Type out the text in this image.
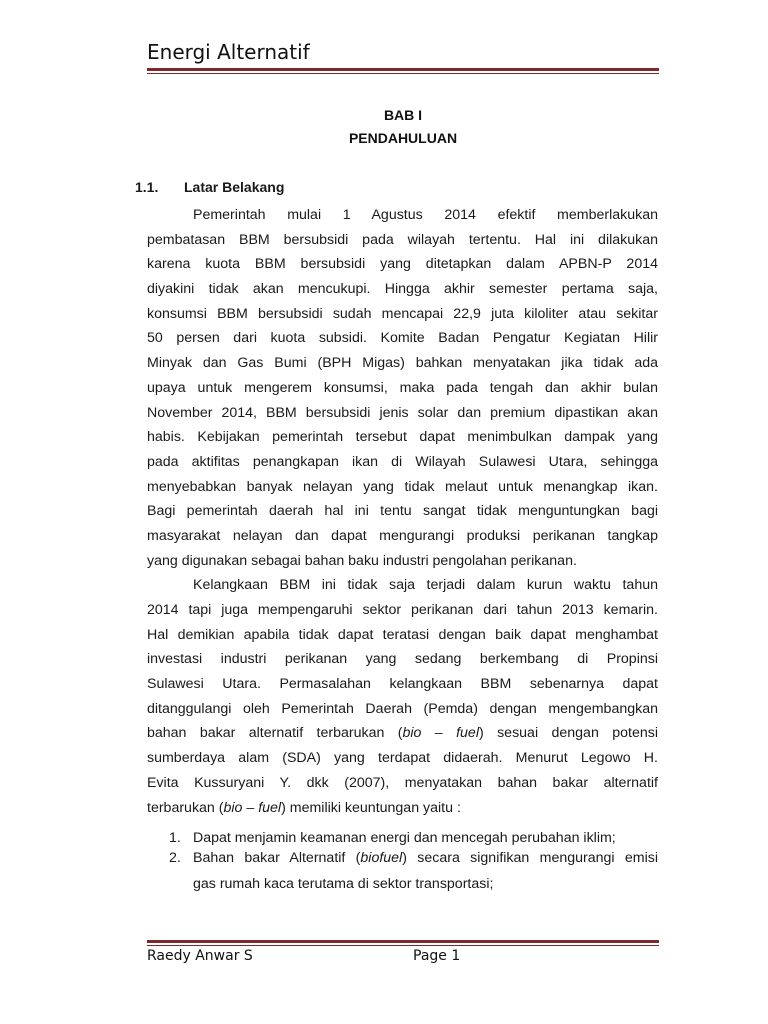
Energi Alternatif
BAB I
PENDAHULUAN
1.1. Latar Belakang
Pemerintah mulai 1 Agustus 2014 efektif memberlakukan
pembatasan BBM bersubsidi pada wilayah tertentu. Hal ini dilakukan
karena kuota BBM bersubsidi yang ditetapkan dalam APBN-P 2014
diyakini tidak akan mencukupi. Hingga akhir semester pertama saja,
konsumsi BBM bersubsidi sudah mencapai 22,9 juta kiloliter atau sekitar
50 persen dari kuota subsidi. Komite Badan Pengatur Kegiatan Hilir
Minyak dan Gas Bumi (BPH Migas) bahkan menyatakan jika tidak ada
upaya untuk mengerem konsumsi, maka pada tengah dan akhir bulan
November 2014, BBM bersubsidi jenis solar dan premium dipastikan akan
habis. Kebijakan pemerintah tersebut dapat menimbulkan dampak yang
pada aktifitas penangkapan ikan di Wilayah Sulawesi Utara, sehingga
menyebabkan banyak nelayan yang tidak melaut untuk menangkap ikan.
Bagi pemerintah daerah hal ini tentu sangat tidak menguntungkan bagi
masyarakat nelayan dan dapat mengurangi produksi perikanan tangkap
yang digunakan sebagai bahan baku industri pengolahan perikanan.
Kelangkaan BBM ini tidak saja terjadi dalam kurun waktu tahun
2014 tapi juga mempengaruhi sektor perikanan dari tahun 2013 kemarin.
Hal demikian apabila tidak dapat teratasi dengan baik dapat menghambat
investasi industri perikanan yang sedang berkembang di Propinsi
Sulawesi Utara. Permasalahan kelangkaan BBM sebenarnya dapat
ditanggulangi oleh Pemerintah Daerah (Pemda) dengan mengembangkan
bahan bakar alternatif terbarukan (bio – fuel) sesuai dengan potensi
sumberdaya alam (SDA) yang terdapat didaerah. Menurut Legowo H.
Evita Kussuryani Y. dkk (2007), menyatakan bahan bakar alternatif
terbarukan (bio – fuel) memiliki keuntungan yaitu :
1. Dapat menjamin keamanan energi dan mencegah perubahan iklim;
2. Bahan bakar Alternatif (biofuel) secara signifikan mengurangi emisi
gas rumah kaca terutama di sektor transportasi;
Raedy Anwar S	Page 1
